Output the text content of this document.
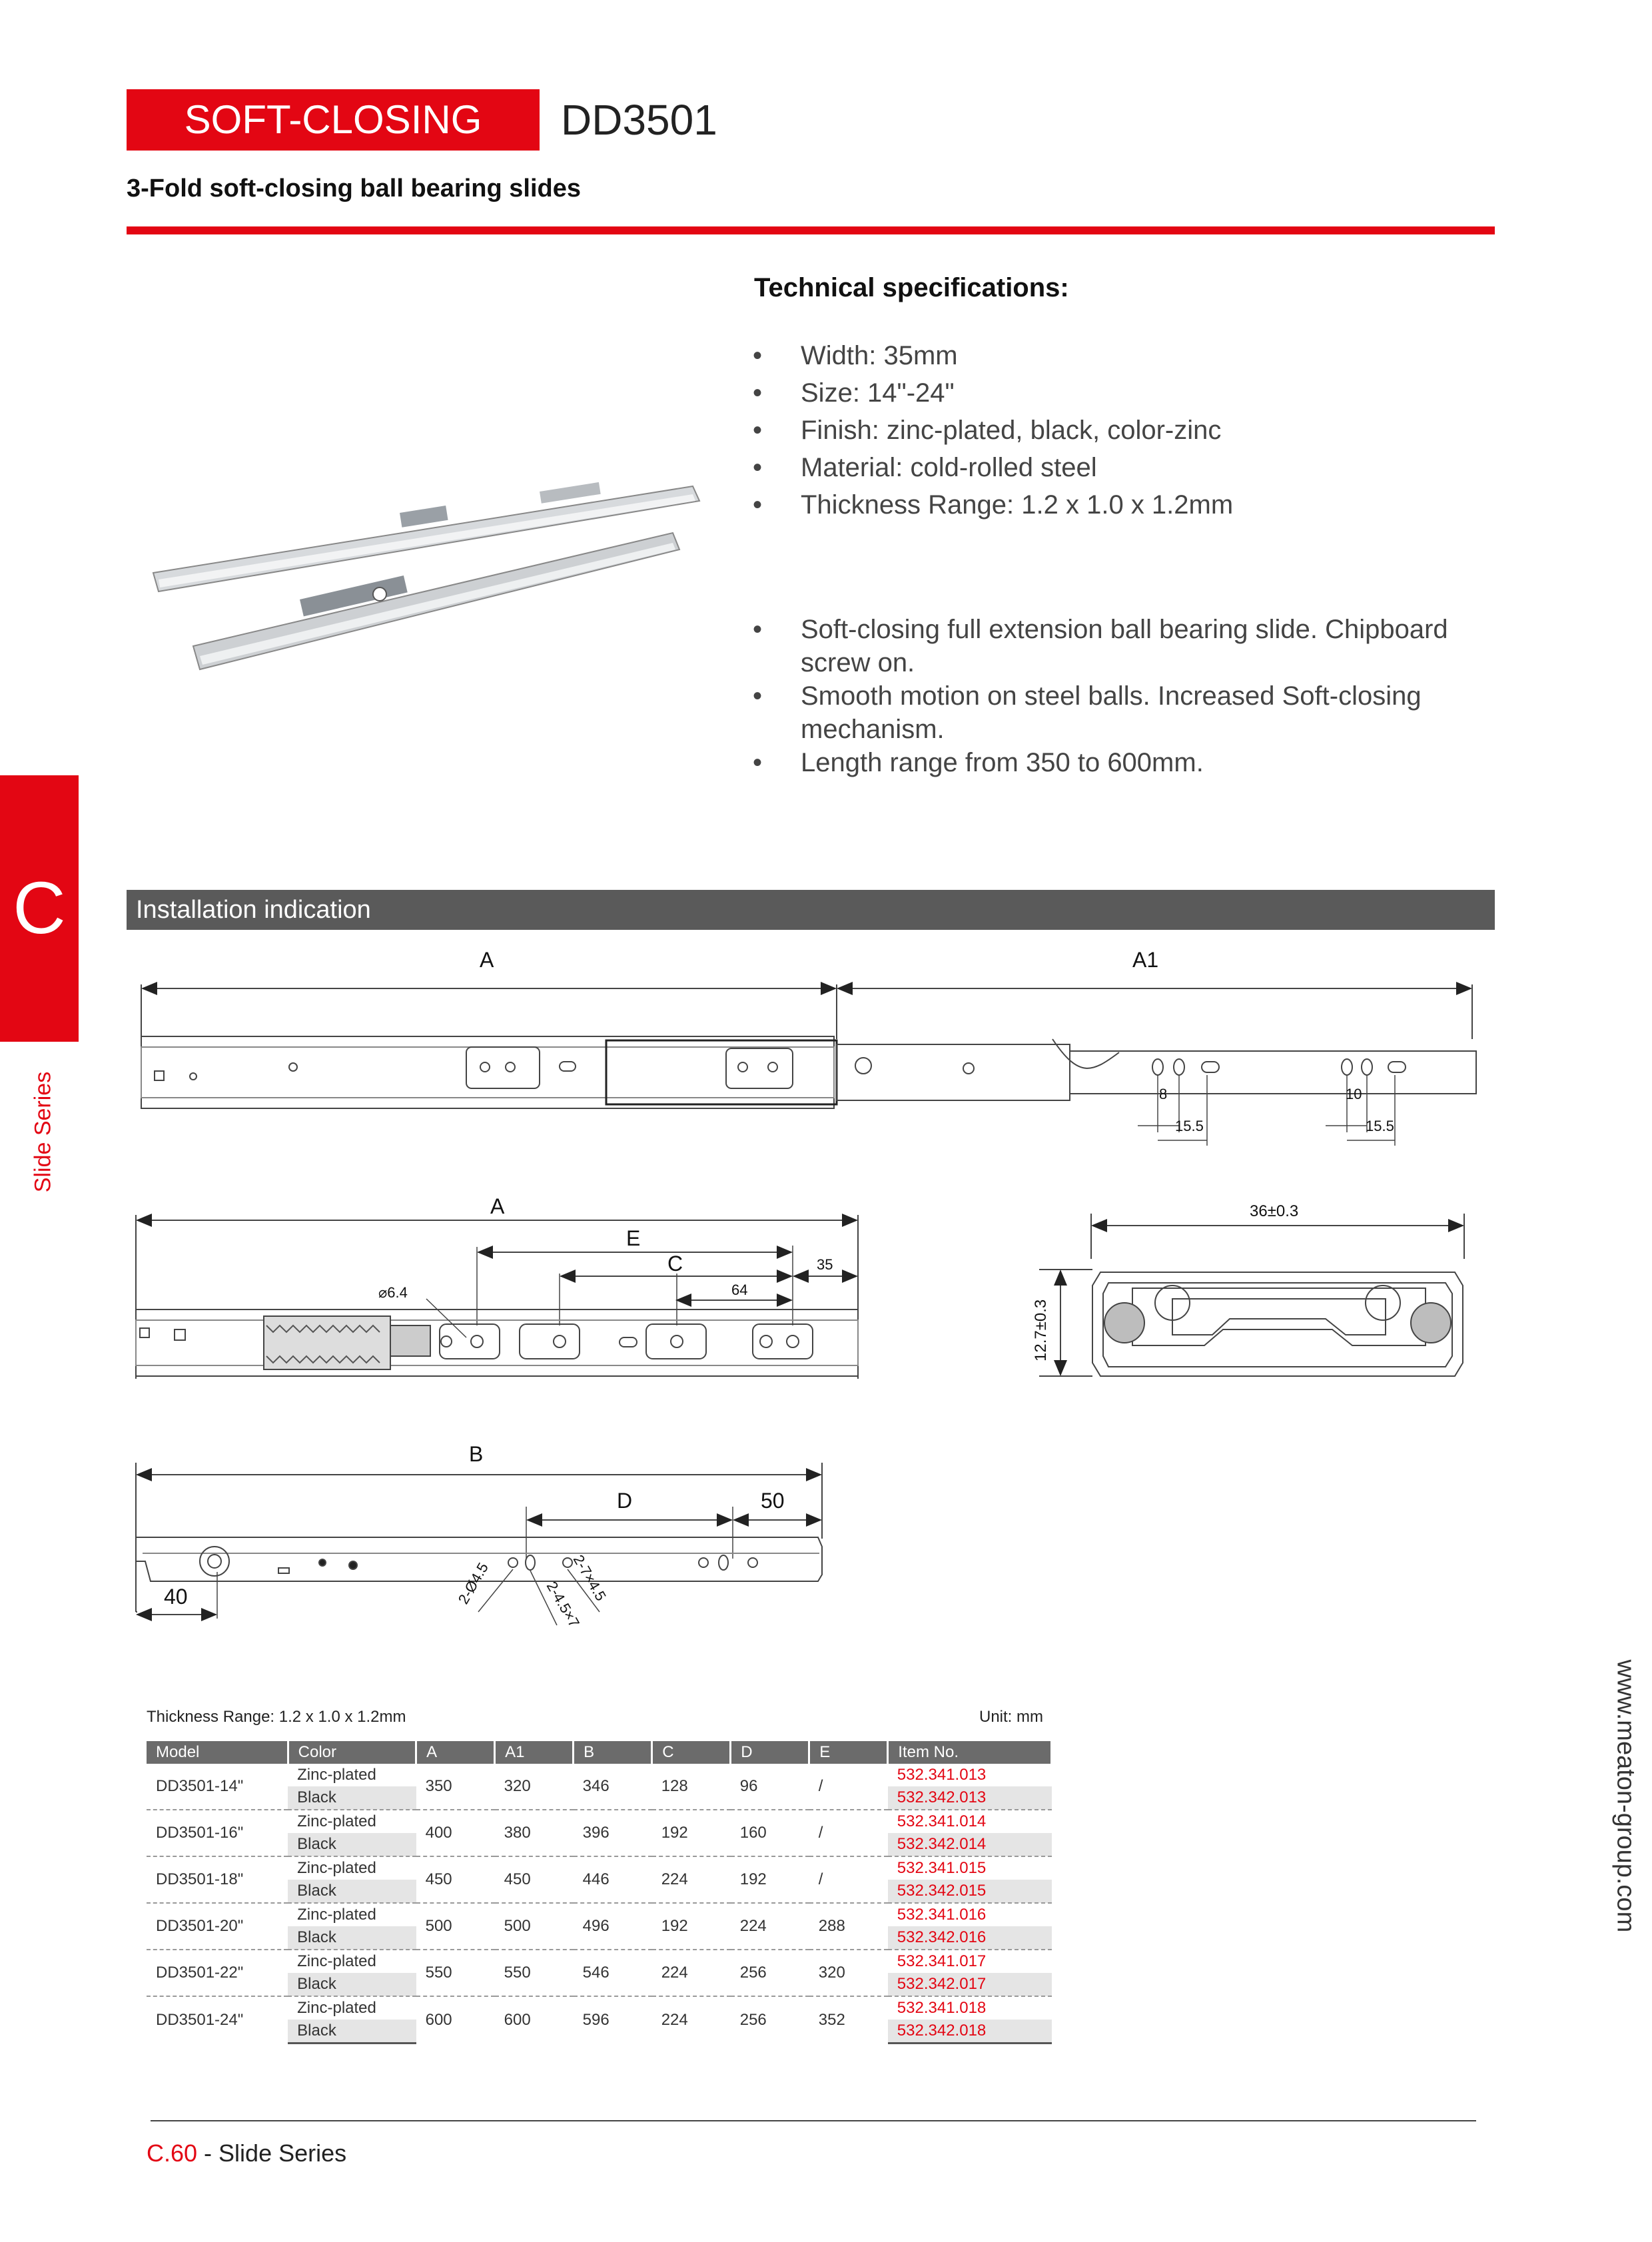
SOFT-CLOSING	DD3501
3-Fold soft-closing ball bearing slides
Technical specifications:
• Width: 35mm
• Size: 14"-24"
• Finish: zinc-plated, black, color-zinc
• Material: cold-rolled steel
• Thickness Range: 1.2 x 1.0 x 1.2mm
• Soft-closing full extension ball bearing slide. Chipboard screw on.
• Smooth motion on steel balls. Increased Soft-closing mechanism.
• Length range from 350 to 600mm.
C
Slide Series
Installation indication
A	A1
8
15.5
10
15.5
A
E
C	35
64
⌀6.4
36±0.3
12.7±0.3
B
D	50
40	2-Ø4.5	2-4.5×7
2-7×4.5
Thickness Range: 1.2 x 1.0 x 1.2mm	Unit: mm
Model	Color	A	A1	B	C	D	E	Item No.
DD3501-14"	Zinc-plated	350	320	346	128	96	/	532.341.013
	Black							532.342.013
DD3501-16"	Zinc-plated	400	380	396	192	160	/	532.341.014
	Black							532.342.014
DD3501-18"	Zinc-plated	450	450	446	224	192	/	532.341.015
	Black							532.342.015
DD3501-20"	Zinc-plated	500	500	496	192	224	288	532.341.016
	Black							532.342.016
DD3501-22"	Zinc-plated	550	550	546	224	256	320	532.341.017
	Black							532.342.017
DD3501-24"	Zinc-plated	600	600	596	224	256	352	532.341.018
	Black							532.342.018
C.60 - Slide Series
www.meaton-group.com
